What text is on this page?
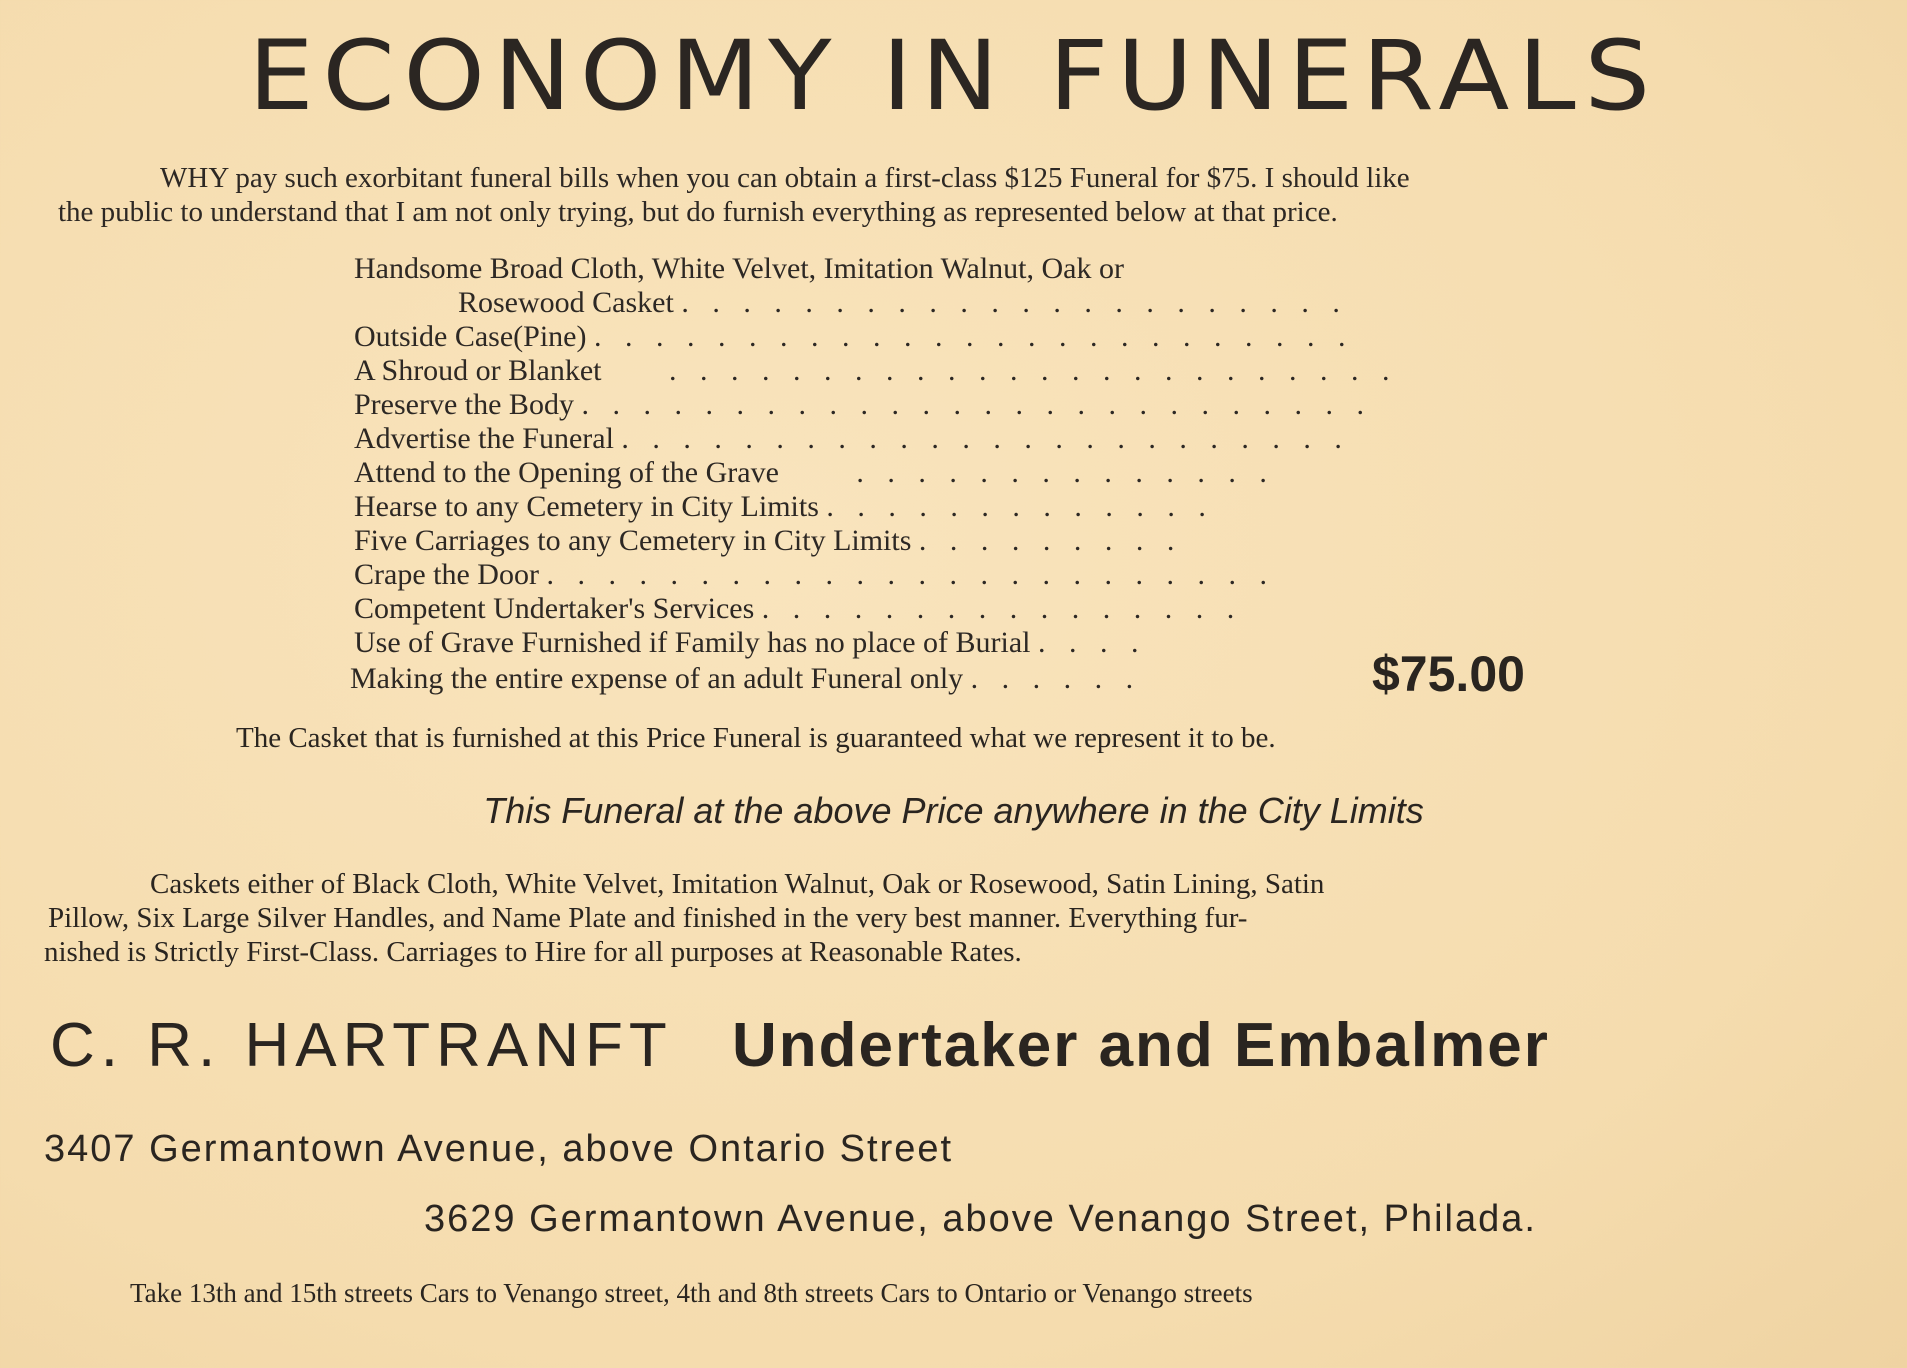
ECONOMY IN FUNERALS
WHY pay such exorbitant funeral bills when you can obtain a first-class $125 Funeral for $75. I should like
the public to understand that I am not only trying, but do furnish everything as represented below at that price.
Handsome Broad Cloth, White Velvet, Imitation Walnut, Oak or
Rosewood Casket . . . . . . . . . . . . . . . . . . . . . .
Outside Case(Pine) . . . . . . . . . . . . . . . . . . . . . . . . .
A Shroud or Blanket . . . . . . . . . . . . . . . . . . . . . . . .
Preserve the Body . . . . . . . . . . . . . . . . . . . . . . . . . .
Advertise the Funeral . . . . . . . . . . . . . . . . . . . . . . . .
Attend to the Opening of the Grave	. . . . . . . . . . . . . .
Hearse to any Cemetery in City Limits . . . . . . . . . . . . .
Five Carriages to any Cemetery in City Limits . . . . . . . . .
Crape the Door . . . . . . . . . . . . . . . . . . . . . . . .
Competent Undertaker's Services . . . . . . . . . . . . . . . .
Use of Grave Furnished if Family has no place of Burial . . . .
Making the entire expense of an adult Funeral only . . . . . .	$75.00
The Casket that is furnished at this Price Funeral is guaranteed what we represent it to be.
This Funeral at the above Price anywhere in the City Limits
Caskets either of Black Cloth, White Velvet, Imitation Walnut, Oak or Rosewood, Satin Lining, Satin
Pillow, Six Large Silver Handles, and Name Plate and finished in the very best manner. Everything fur-
nished is Strictly First-Class. Carriages to Hire for all purposes at Reasonable Rates.
C. R. HARTRANFT Undertaker and Embalmer
3407 Germantown Avenue, above Ontario Street
3629 Germantown Avenue, above Venango Street, Philada.
Take 13th and 15th streets Cars to Venango street, 4th and 8th streets Cars to Ontario or Venango streets
